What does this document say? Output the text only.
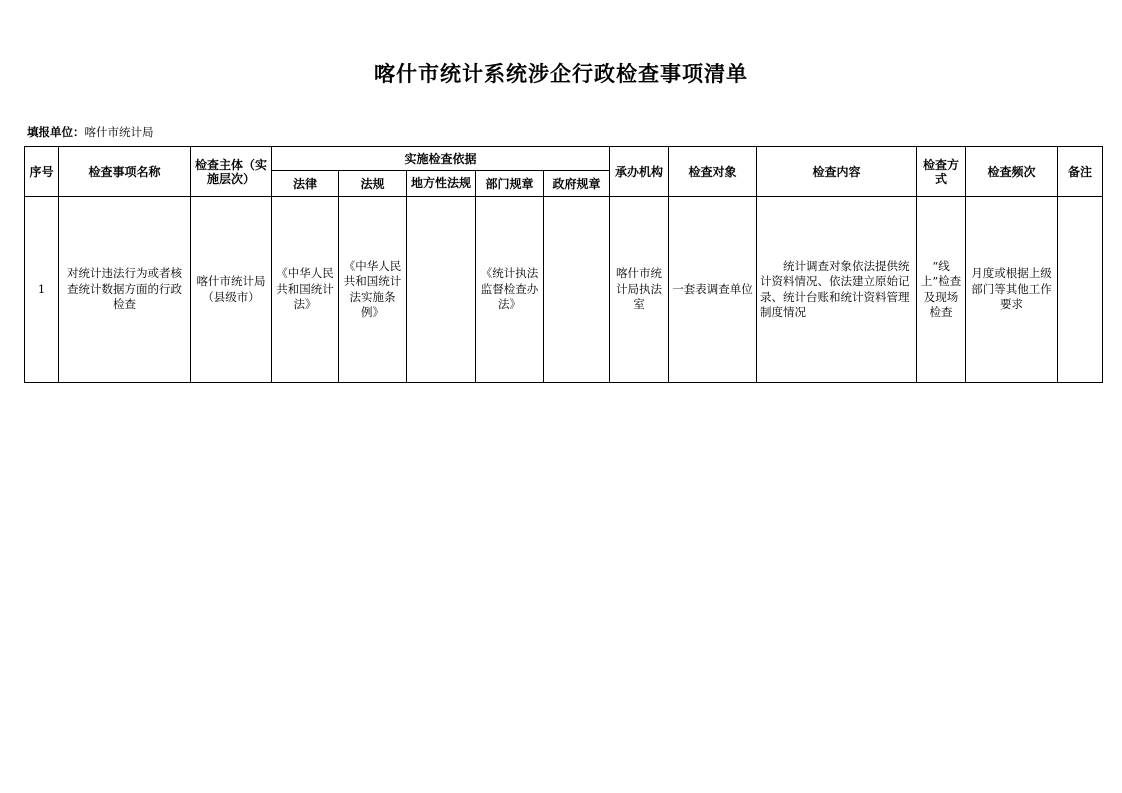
喀什市统计系统涉企行政检查事项清单
填报单位：喀什市统计局
序号	检查事项名称	检查主体（实施层次）	实施检查依据					承办机构	检查对象	检查内容	检查方式	检查频次	备注
			法律	法规	地方性法规	部门规章	政府规章						
1	对统计违法行为或者核查统计数据方面的行政检查	喀什市统计局（县级市）	《中华人民共和国统计法》	《中华人民共和国统计法实施条例》		《统计执法监督检查办法》		喀什市统计局执法室	一套表调查单位	统计调查对象依法提供统计资料情况、依法建立原始记录、统计台账和统计资料管理制度情况	“线上”检查及现场检查	月度或根据上级部门等其他工作要求	
